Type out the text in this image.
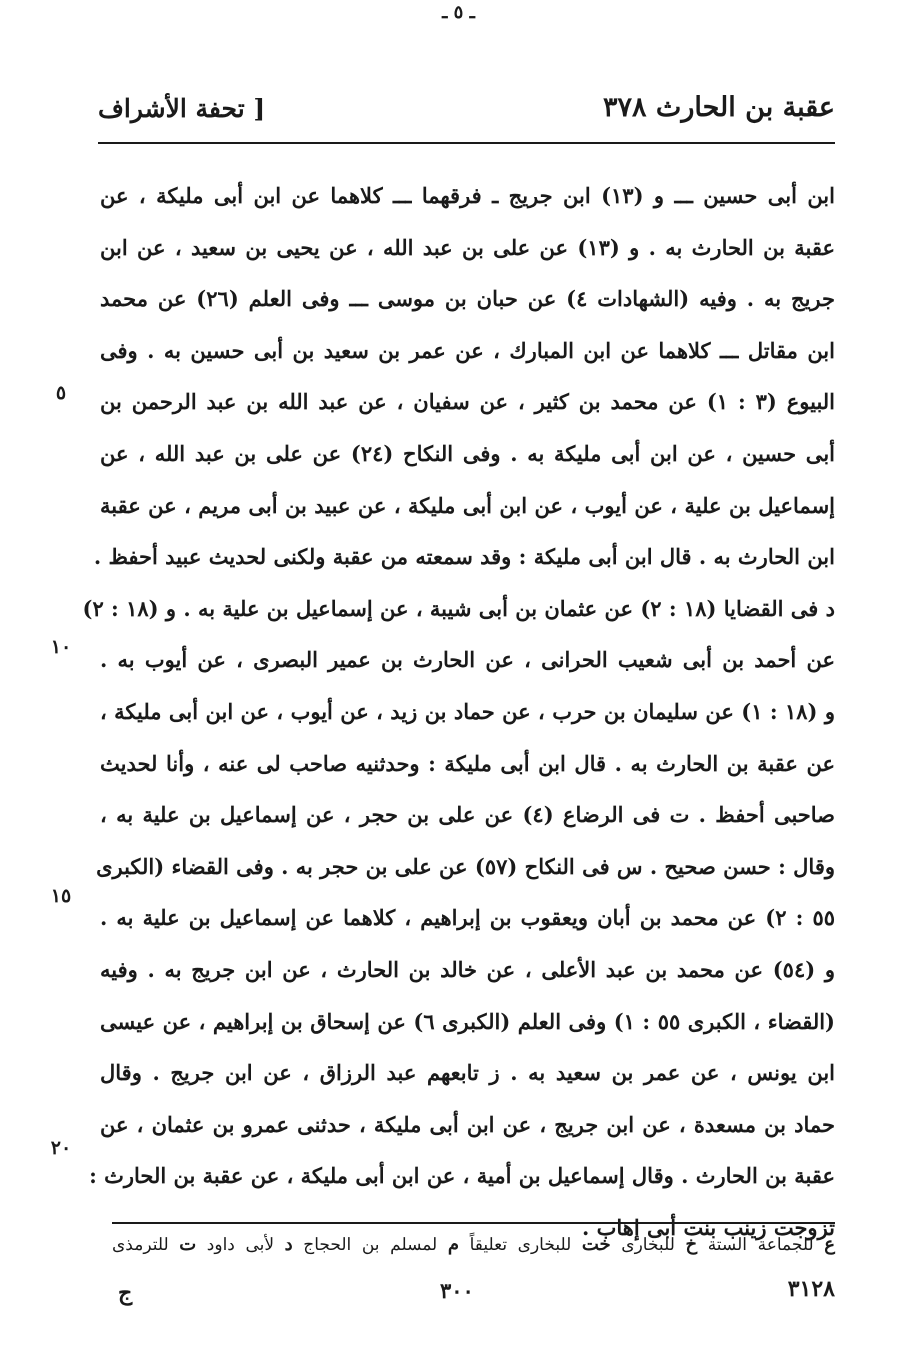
ـ ٥ ـ
عقبة بن الحارث ٣٧٨
[ تحفة الأشراف
ابن أبى حسين ـــ و (١٣) ابن جريج ـ فرقهما ـــ كلاهما عن ابن أبى مليكة ، عن
عقبة بن الحارث به . و (١٣) عن على بن عبد الله ، عن يحيى بن سعيد ، عن ابن
جريج به . وفيه (الشهادات ٤) عن حبان بن موسى ـــ وفى العلم (٢٦) عن محمد
ابن مقاتل ـــ كلاهما عن ابن المبارك ، عن عمر بن سعيد بن أبى حسين به . وفى
البيوع (٣ : ١) عن محمد بن كثير ، عن سفيان ، عن عبد الله بن عبد الرحمن بن
أبى حسين ، عن ابن أبى مليكة به . وفى النكاح (٢٤) عن على بن عبد الله ، عن
إسماعيل بن علية ، عن أيوب ، عن ابن أبى مليكة ، عن عبيد بن أبى مريم ، عن عقبة
ابن الحارث به . قال ابن أبى مليكة : وقد سمعته من عقبة ولكنى لحديث عبيد أحفظ .
د فى القضايا (١٨ : ٢) عن عثمان بن أبى شيبة ، عن إسماعيل بن علية به . و (١٨ : ٢)
عن أحمد بن أبى شعيب الحرانى ، عن الحارث بن عمير البصرى ، عن أيوب به .
و (١٨ : ١) عن سليمان بن حرب ، عن حماد بن زيد ، عن أيوب ، عن ابن أبى مليكة ،
عن عقبة بن الحارث به . قال ابن أبى مليكة : وحدثنيه صاحب لى عنه ، وأنا لحديث
صاحبى أحفظ . ت فى الرضاع (٤) عن على بن حجر ، عن إسماعيل بن علية به ،
وقال : حسن صحيح . س فى النكاح (٥٧) عن على بن حجر به . وفى القضاء (الكبرى
٥٥ : ٢) عن محمد بن أبان ويعقوب بن إبراهيم ، كلاهما عن إسماعيل بن علية به .
و (٥٤) عن محمد بن عبد الأعلى ، عن خالد بن الحارث ، عن ابن جريج به . وفيه
(القضاء ، الكبرى ٥٥ : ١) وفى العلم (الكبرى ٦) عن إسحاق بن إبراهيم ، عن عيسى
ابن يونس ، عن عمر بن سعيد به . ز تابعهم عبد الرزاق ، عن ابن جريج . وقال
حماد بن مسعدة ، عن ابن جريج ، عن ابن أبى مليكة ، حدثنى عمرو بن عثمان ، عن
عقبة بن الحارث . وقال إسماعيل بن أمية ، عن ابن أبى مليكة ، عن عقبة بن الحارث :
تزوجت زينب بنت أبى إهاب .
٥
١٠
١٥
٢٠
ع للجماعة الستة خ للبخارى خت للبخارى تعليقاً م لمسلم بن الحجاج د لأبى داود ت للترمذى
٣١٢٨
٣٠٠
ج
